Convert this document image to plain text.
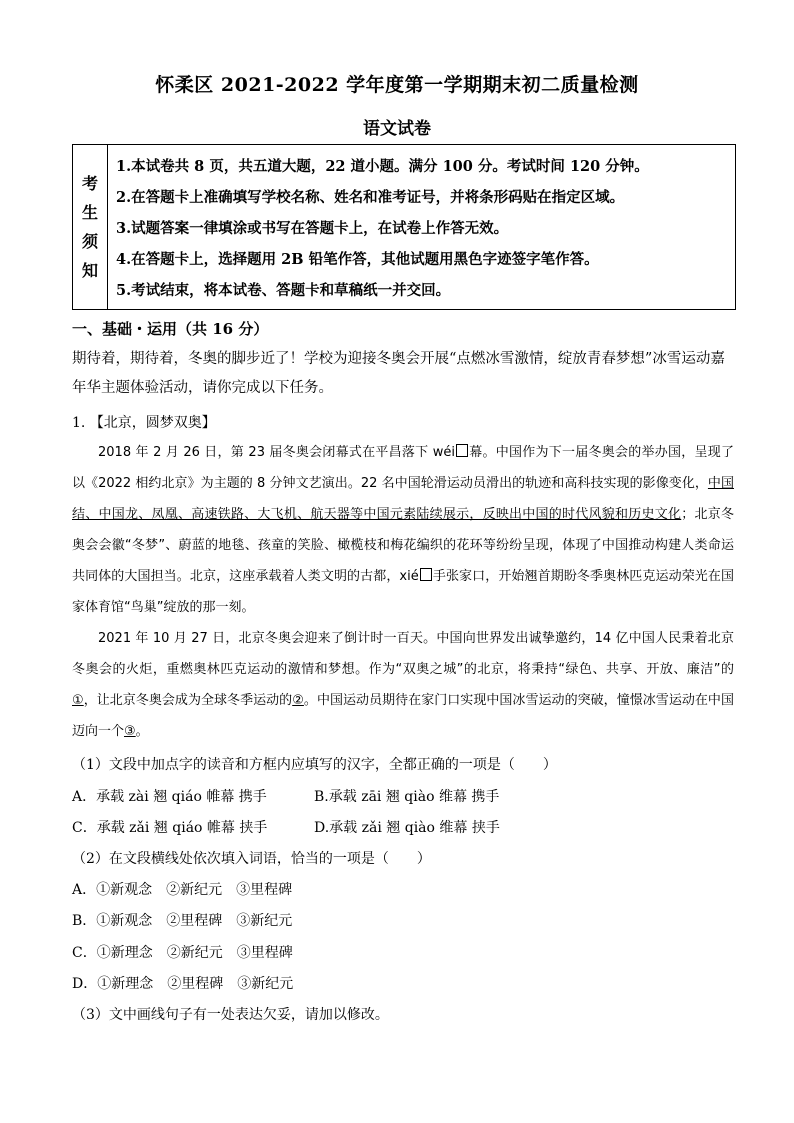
怀柔区 2021-2022 学年度第一学期期末初二质量检测
语文试卷
考
生
须
知
1.本试卷共 8 页，共五道大题，22 道小题。满分 100 分。考试时间 120 分钟。
2.在答题卡上准确填写学校名称、姓名和准考证号，并将条形码贴在指定区域。
3.试题答案一律填涂或书写在答题卡上，在试卷上作答无效。
4.在答题卡上，选择题用 2B 铅笔作答，其他试题用黑色字迹签字笔作答。
5.考试结束，将本试卷、答题卡和草稿纸一并交回。
一、基础・运用（共 16 分）
期待着，期待着，冬奥的脚步近了！学校为迎接冬奥会开展“点燃冰雪激情，绽放青春梦想”冰雪运动嘉年华主题体验活动，请你完成以下任务。
1. 【北京，圆梦双奥】

2018 年 2 月 26 日，第 23 届冬奥会闭幕式在平昌落下 wéi 幕。中国作为下一届冬奥会的举办国，呈现了以《2022 相约北京》为主题的 8 分钟文艺演出。22 名中国轮滑运动员滑出的轨迹和高科技实现的影像变化，中国结、中国龙、凤凰、高速铁路、大飞机、航天器等中国元素陆续展示，反映出中国的时代风貌和历史文化；北京冬奥会会徽“冬梦”、蔚蓝的地毯、孩童的笑脸、橄榄枝和梅花编织的花环等纷纷呈现，体现了中国推动构建人类命运共同体的大国担当。北京，这座承载着人类文明的古都，xié 手张家口，开始翘首期盼冬季奥林匹克运动荣光在国家体育馆“鸟巢”绽放的那一刻。

2021 年 10 月 27 日，北京冬奥会迎来了倒计时一百天。中国向世界发出诚挚邀约，14 亿中国人民秉着北京冬奥会的火炬，重燃奥林匹克运动的激情和梦想。作为“双奥之城”的北京，将秉持“绿色、共享、开放、廉洁”的①，让北京冬奥会成为全球冬季运动的②。中国运动员期待在家门口实现中国冰雪运动的突破，憧憬冰雪运动在中国迈向一个③。

（1）文段中加点字的读音和方框内应填写的汉字，全都正确的一项是（　　）
A．承载 zài 翘 qiáo 帷幕 携手	B.承载 zāi 翘 qiào 维幕 携手
C．承载 zǎi 翘 qiáo 帷幕 挟手	D.承载 zǎi 翘 qiào 维幕 挟手
（2）在文段横线处依次填入词语，恰当的一项是（　　）
A．①新观念　②新纪元　③里程碑
B．①新观念　②里程碑　③新纪元
C．①新理念　②新纪元　③里程碑
D．①新理念　②里程碑　③新纪元
（3）文中画线句子有一处表达欠妥，请加以修改。
